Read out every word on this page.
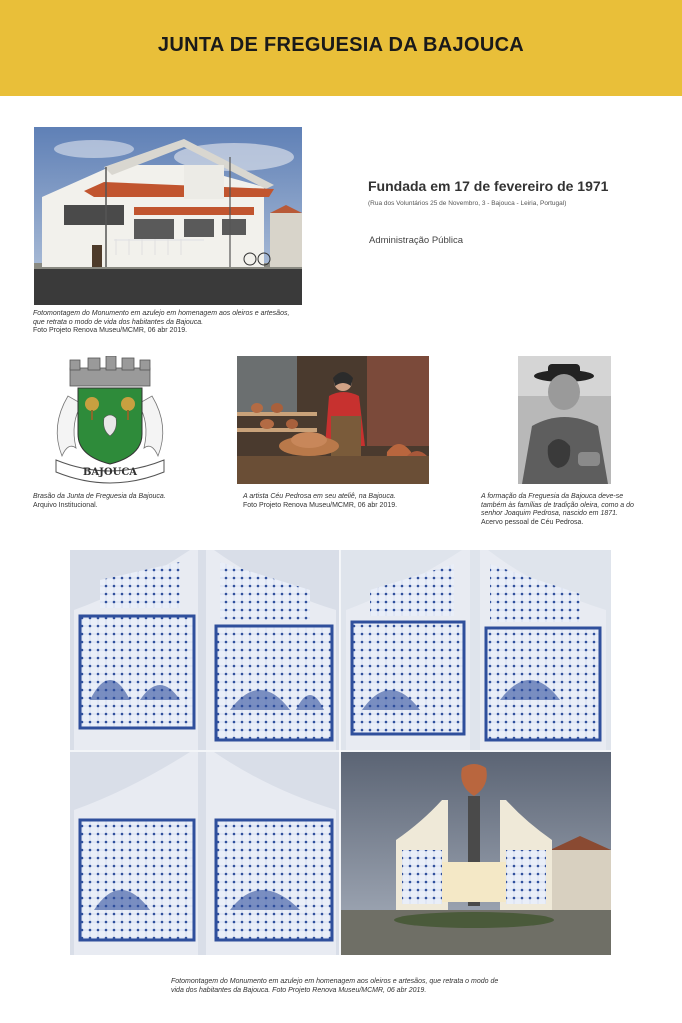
JUNTA DE FREGUESIA DA BAJOUCA
Fotomontagem do Monumento em azulejo em homenagem aos oleiros e artesãos, que retrata o modo de vida dos habitantes da Bajouca.
Foto Projeto Renova Museu/MCMR, 06 abr 2019.
Fundada em 17 de fevereiro de 1971
(Rua dos Voluntários 25 de Novembro, 3 - Bajouca - Leiria, Portugal)
Administração Pública
BAJOUCA
Brasão da Junta de Freguesia da Bajouca.
Arquivo Institucional.
A artista Céu Pedrosa em seu ateliê, na Bajouca.
Foto Projeto Renova Museu/MCMR, 06 abr 2019.
A formação da Freguesia da Bajouca deve-se também às famílias de tradição oleira, como a do senhor Joaquim Pedrosa, nascido em 1871.
Acervo pessoal de Céu Pedrosa.
Fotomontagem do Monumento em azulejo em homenagem aos oleiros e artesãos, que retrata o modo de vida dos habitantes da Bajouca. Foto Projeto Renova Museu/MCMR, 06 abr 2019.
